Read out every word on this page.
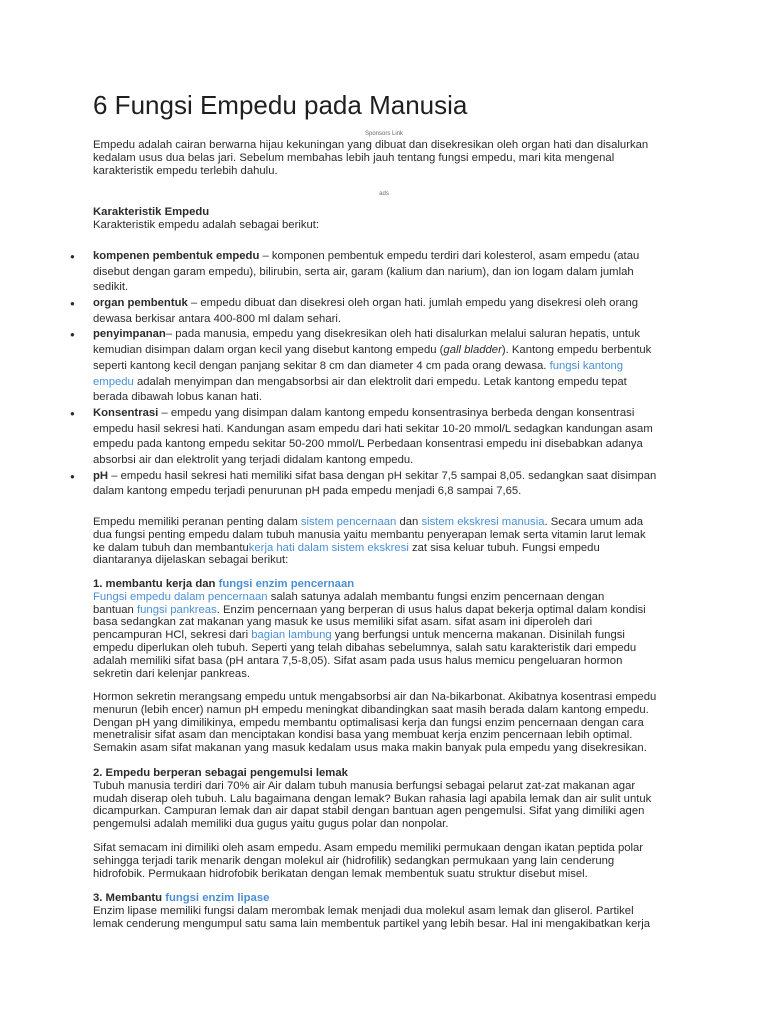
6 Fungsi Empedu pada Manusia
Sponsors Link
Empedu adalah cairan berwarna hijau kekuningan yang dibuat dan disekresikan oleh organ hati dan disalurkan
kedalam usus dua belas jari. Sebelum membahas lebih jauh tentang fungsi empedu, mari kita mengenal
karakteristik empedu terlebih dahulu.
ads
Karakteristik Empedu
Karakteristik empedu adalah sebagai berikut:
● kompenen pembentuk empedu – komponen pembentuk empedu terdiri dari kolesterol, asam empedu (atau
disebut dengan garam empedu), bilirubin, serta air, garam (kalium dan narium), dan ion logam dalam jumlah
sedikit.
● organ pembentuk – empedu dibuat dan disekresi oleh organ hati. jumlah empedu yang disekresi oleh orang
dewasa berkisar antara 400-800 ml dalam sehari.
● penyimpanan– pada manusia, empedu yang disekresikan oleh hati disalurkan melalui saluran hepatis, untuk
kemudian disimpan dalam organ kecil yang disebut kantong empedu (gall bladder). Kantong empedu berbentuk
seperti kantong kecil dengan panjang sekitar 8 cm dan diameter 4 cm pada orang dewasa. fungsi kantong
empedu adalah menyimpan dan mengabsorbsi air dan elektrolit dari empedu. Letak kantong empedu tepat
berada dibawah lobus kanan hati.
● Konsentrasi – empedu yang disimpan dalam kantong empedu konsentrasinya berbeda dengan konsentrasi
empedu hasil sekresi hati. Kandungan asam empedu dari hati sekitar 10-20 mmol/L sedagkan kandungan asam
empedu pada kantong empedu sekitar 50-200 mmol/L Perbedaan konsentrasi empedu ini disebabkan adanya
absorbsi air dan elektrolit yang terjadi didalam kantong empedu.
● pH – empedu hasil sekresi hati memiliki sifat basa dengan pH sekitar 7,5 sampai 8,05. sedangkan saat disimpan
dalam kantong empedu terjadi penurunan pH pada empedu menjadi 6,8 sampai 7,65.
Empedu memiliki peranan penting dalam sistem pencernaan dan sistem ekskresi manusia. Secara umum ada
dua fungsi penting empedu dalam tubuh manusia yaitu membantu penyerapan lemak serta vitamin larut lemak
ke dalam tubuh dan membantukerja hati dalam sistem ekskresi zat sisa keluar tubuh. Fungsi empedu
diantaranya dijelaskan sebagai berikut:
1. membantu kerja dan fungsi enzim pencernaan
Fungsi empedu dalam pencernaan salah satunya adalah membantu fungsi enzim pencernaan dengan
bantuan fungsi pankreas. Enzim pencernaan yang berperan di usus halus dapat bekerja optimal dalam kondisi
basa sedangkan zat makanan yang masuk ke usus memiliki sifat asam. sifat asam ini diperoleh dari
pencampuran HCl, sekresi dari bagian lambung yang berfungsi untuk mencerna makanan. Disinilah fungsi
empedu diperlukan oleh tubuh. Seperti yang telah dibahas sebelumnya, salah satu karakteristik dari empedu
adalah memiliki sifat basa (pH antara 7,5-8,05). Sifat asam pada usus halus memicu pengeluaran hormon
sekretin dari kelenjar pankreas.
Hormon sekretin merangsang empedu untuk mengabsorbsi air dan Na-bikarbonat. Akibatnya kosentrasi empedu
menurun (lebih encer) namun pH empedu meningkat dibandingkan saat masih berada dalam kantong empedu.
Dengan pH yang dimilikinya, empedu membantu optimalisasi kerja dan fungsi enzim pencernaan dengan cara
menetralisir sifat asam dan menciptakan kondisi basa yang membuat kerja enzim pencernaan lebih optimal.
Semakin asam sifat makanan yang masuk kedalam usus maka makin banyak pula empedu yang disekresikan.
2. Empedu berperan sebagai pengemulsi lemak
Tubuh manusia terdiri dari 70% air Air dalam tubuh manusia berfungsi sebagai pelarut zat-zat makanan agar
mudah diserap oleh tubuh. Lalu bagaimana dengan lemak? Bukan rahasia lagi apabila lemak dan air sulit untuk
dicampurkan. Campuran lemak dan air dapat stabil dengan bantuan agen pengemulsi. Sifat yang dimiliki agen
pengemulsi adalah memiliki dua gugus yaitu gugus polar dan nonpolar.
Sifat semacam ini dimiliki oleh asam empedu. Asam empedu memiliki permukaan dengan ikatan peptida polar
sehingga terjadi tarik menarik dengan molekul air (hidrofilik) sedangkan permukaan yang lain cenderung
hidrofobik. Permukaan hidrofobik berikatan dengan lemak membentuk suatu struktur disebut misel.
3. Membantu fungsi enzim lipase
Enzim lipase memiliki fungsi dalam merombak lemak menjadi dua molekul asam lemak dan gliserol. Partikel
lemak cenderung mengumpul satu sama lain membentuk partikel yang lebih besar. Hal ini mengakibatkan kerja
